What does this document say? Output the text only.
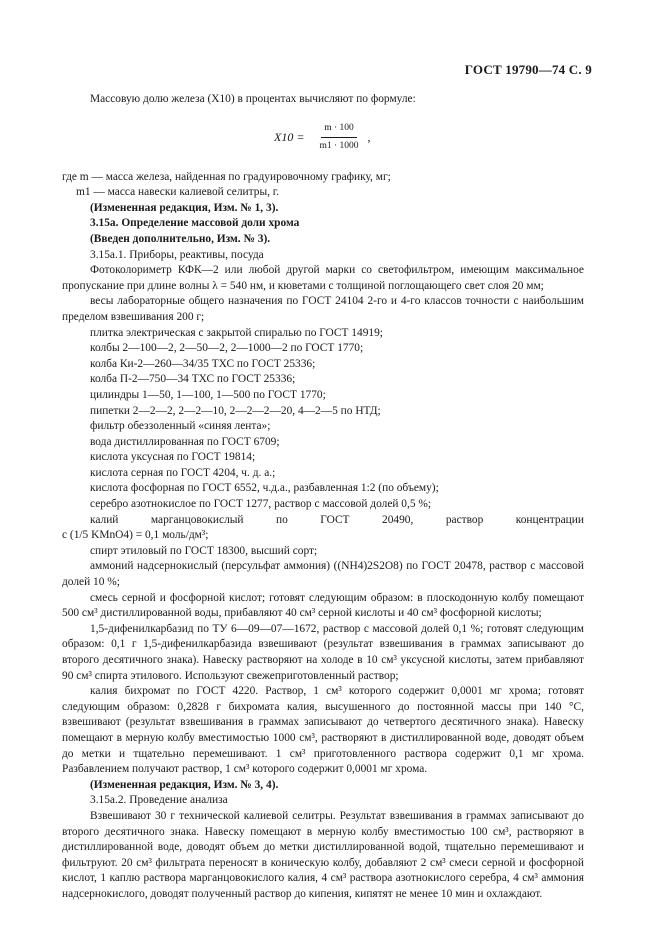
ГОСТ 19790—74 С. 9

Массовую долю железа (X10) в процентах вычисляют по формуле:

$X10 = \frac{m \cdot 100}{m1 \cdot 1000}$ ,

где m — масса железа, найденная по градуировочному графику, мг;

m1 — масса навески калиевой селитры, г.

(Измененная редакция, Изм. № 1, 3).

3.15а. Определение массовой доли хрома

(Введен дополнительно, Изм. № 3).

3.15а.1. Приборы, реактивы, посуда

Фотоколориметр КФК—2 или любой другой марки со светофильтром, имеющим максимальное пропускание при длине волны λ = 540 нм, и кюветами с толщиной поглощающего свет слоя 20 мм;

весы лабораторные общего назначения по ГОСТ 24104 2-го и 4-го классов точности с наибольшим пределом взвешивания 200 г;

плитка электрическая с закрытой спиралью по ГОСТ 14919;

колбы 2—100—2, 2—50—2, 2—1000—2 по ГОСТ 1770;

колба Ки-2—260—34/35 ТХС по ГОСТ 25336;

колба П-2—750—34 ТХС по ГОСТ 25336;

цилиндры 1—50, 1—100, 1—500 по ГОСТ 1770;

пипетки 2—2—2, 2—2—10, 2—2—2—20, 4—2—5 по НТД;

фильтр обеззоленный «синяя лента»;

вода дистиллированная по ГОСТ 6709;

кислота уксусная по ГОСТ 19814;

кислота серная по ГОСТ 4204, ч. д. а.;

кислота фосфорная по ГОСТ 6552, ч.д.а., разбавленная 1:2 (по объему);

серебро азотнокислое по ГОСТ 1277, раствор с массовой долей 0,5 %;

калий	марганцовокислый	по	ГОСТ	20490,	раствор	концентрации

c (1/5 KMnO4) = 0,1 моль/дм³;

спирт этиловый по ГОСТ 18300, высший сорт;

аммоний надсернокислый (персульфат аммония) ((NH4)2S2O8) по ГОСТ 20478, раствор с массовой долей 10 %;

смесь серной и фосфорной кислот; готовят следующим образом: в плоскодонную колбу помещают 500 см³ дистиллированной воды, прибавляют 40 см³ серной кислоты и 40 см³ фосфорной кислоты;

1,5-дифенилкарбазид по ТУ 6—09—07—1672, раствор с массовой долей 0,1 %; готовят следующим образом: 0,1 г 1,5-дифенилкарбазида взвешивают (результат взвешивания в граммах записывают до второго десятичного знака). Навеску растворяют на холоде в 10 см³ уксусной кислоты, затем прибавляют 90 см³ спирта этилового. Используют свежеприготовленный раствор;

калия бихромат по ГОСТ 4220. Раствор, 1 см³ которого содержит 0,0001 мг хрома; готовят следующим образом: 0,2828 г бихромата калия, высушенного до постоянной массы при 140 °С, взвешивают (результат взвешивания в граммах записывают до четвертого десятичного знака). Навеску помещают в мерную колбу вместимостью 1000 см³, растворяют в дистиллированной воде, доводят объем до метки и тщательно перемешивают. 1 см³ приготовленного раствора содержит 0,1 мг хрома. Разбавлением получают раствор, 1 см³ которого содержит 0,0001 мг хрома.

(Измененная редакция, Изм. № 3, 4).

3.15а.2. Проведение анализа

Взвешивают 30 г технической калиевой селитры. Результат взвешивания в граммах записывают до второго десятичного знака. Навеску помещают в мерную колбу вместимостью 100 см³, растворяют в дистиллированной воде, доводят объем до метки дистиллированной водой, тщательно перемешивают и фильтруют. 20 см³ фильтрата переносят в коническую колбу, добавляют 2 см³ смеси серной и фосфорной кислот, 1 каплю раствора марганцовокислого калия, 4 см³ раствора азотнокислого серебра, 4 см³ аммония надсернокислого, доводят полученный раствор до кипения, кипятят не менее 10 мин и охлаждают.
